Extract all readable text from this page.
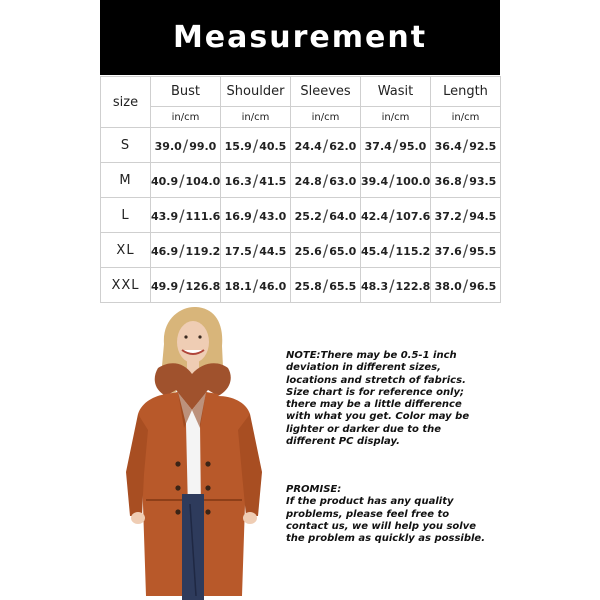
Measurement
size	Bust	Shoulder	Sleeves	Wasit	Length
	in/cm	in/cm	in/cm	in/cm	in/cm
S	39.0/99.0	15.9/40.5	24.4/62.0	37.4/95.0	36.4/92.5
M	40.9/104.0	16.3/41.5	24.8/63.0	39.4/100.0	36.8/93.5
L	43.9/111.6	16.9/43.0	25.2/64.0	42.4/107.6	37.2/94.5
XL	46.9/119.2	17.5/44.5	25.6/65.0	45.4/115.2	37.6/95.5
XXL	49.9/126.8	18.1/46.0	25.8/65.5	48.3/122.8	38.0/96.5
NOTE:There may be 0.5-1 inch deviation in different sizes, locations and stretch of fabrics. Size chart is for reference only; there may be a little difference with what you get. Color may be lighter or darker due to the different PC display.
PROMISE:
If the product has any quality problems, please feel free to contact us, we will help you solve the problem as quickly as possible.
